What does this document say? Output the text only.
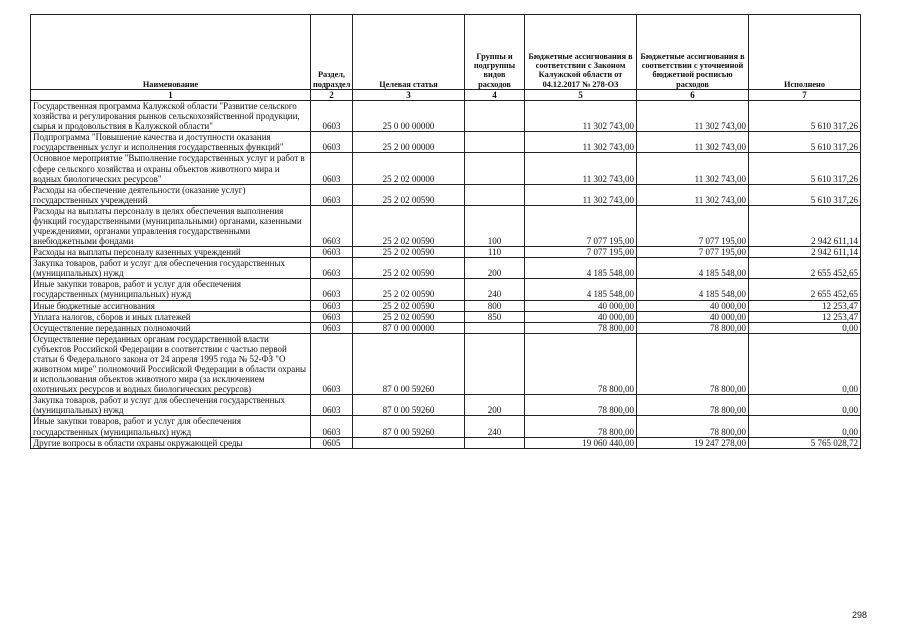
Наименование	Раздел, подраздел	Целевая статья	Группы и подгруппы видов расходов	Бюджетные ассигнования в соответствии с Законом Калужской области от 04.12.2017 № 278-ОЗ	Бюджетные ассигнования в соответствии с уточненной бюджетной росписью расходов	Исполнено
1	2	3	4	5	6	7
Государственная программа Калужской области "Развитие сельского хозяйства и регулирования рынков сельскохозяйственной продукции, сырья и продовольствия в Калужской области"	0603	25 0 00 00000		11 302 743,00	11 302 743,00	5 610 317,26
Подпрограмма "Повышение качества и доступности оказания государственных услуг и исполнения государственных функций"	0603	25 2 00 00000		11 302 743,00	11 302 743,00	5 610 317,26
Основное мероприятие "Выполнение государственных услуг и работ в сфере сельского хозяйства и охраны объектов животного мира и водных биологических ресурсов"	0603	25 2 02 00000		11 302 743,00	11 302 743,00	5 610 317,26
Расходы на обеспечение деятельности (оказание услуг) государственных учреждений	0603	25 2 02 00590		11 302 743,00	11 302 743,00	5 610 317,26
Расходы на выплаты персоналу в целях обеспечения выполнения функций государственными (муниципальными) органами, казенными учреждениями, органами управления государственными внебюджетными фондами	0603	25 2 02 00590	100	7 077 195,00	7 077 195,00	2 942 611,14
Расходы на выплаты персоналу казенных учреждений	0603	25 2 02 00590	110	7 077 195,00	7 077 195,00	2 942 611,14
Закупка товаров, работ и услуг для обеспечения государственных (муниципальных) нужд	0603	25 2 02 00590	200	4 185 548,00	4 185 548,00	2 655 452,65
Иные закупки товаров, работ и услуг для обеспечения государственных (муниципальных) нужд	0603	25 2 02 00590	240	4 185 548,00	4 185 548,00	2 655 452,65
Иные бюджетные ассигнования	0603	25 2 02 00590	800	40 000,00	40 000,00	12 253,47
Уплата налогов, сборов и иных платежей	0603	25 2 02 00590	850	40 000,00	40 000,00	12 253,47
Осуществление переданных полномочий	0603	87 0 00 00000		78 800,00	78 800,00	0,00
Осуществление переданных органам государственной власти субъектов Российской Федерации в соответствии с частью первой статьи 6 Федерального закона от 24 апреля 1995 года № 52-ФЗ "О животном мире" полномочий Российской Федерации в области охраны и использования объектов животного мира (за исключением охотничьих ресурсов и водных биологических ресурсов)	0603	87 0 00 59260		78 800,00	78 800,00	0,00
Закупка товаров, работ и услуг для обеспечения государственных (муниципальных) нужд	0603	87 0 00 59260	200	78 800,00	78 800,00	0,00
Иные закупки товаров, работ и услуг для обеспечения государственных (муниципальных) нужд	0603	87 0 00 59260	240	78 800,00	78 800,00	0,00
Другие вопросы в области охраны окружающей среды	0605			19 060 440,00	19 247 278,00	5 765 028,72
298
